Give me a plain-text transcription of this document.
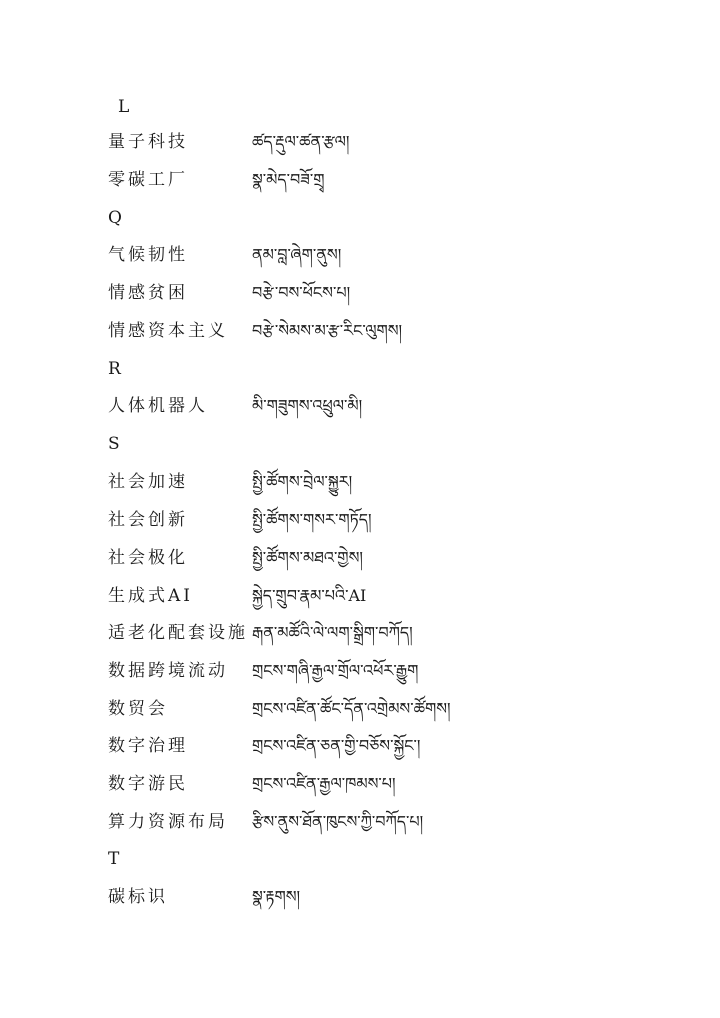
L
量子科技	ཚད་རྡུལ་ཚན་རྩལ།
零碳工厂	སྣ་མེད་བཟོ་གྲྭ
Q
气候韧性	ནམ་བླ་ཞེག་ནུས།
情感贫困	བརྩེ་བས་ཕོངས་པ།
情感资本主义 བརྩེ་སེམས་མ་རྩ་རིང་ལུགས།
R
人体机器人	མི་གཟུགས་འཕྲུལ་མི།
S
社会加速	སྤྱི་ཚོགས་བྲེལ་སྐྱུར།
社会创新	སྤྱི་ཚོགས་གསར་གཏོད།
社会极化	སྤྱི་ཚོགས་མཐའ་གྱེས།
生成式AI	སྐྱེད་གྲུབ་རྣམ་པའི་AI
适老化配套设施 རྒན་མཚོའི་ལེ་ལག་སྒྲིག་བཀོད།
数据跨境流动 གྲངས་གཞི་རྒྱལ་གྲོལ་འཕོར་རྒྱུག
数贸会	གྲངས་འཛིན་ཚོང་དོན་འགྲེམས་ཚོགས།
数字治理	གྲངས་འཛིན་ཅན་གྱི་བཅོས་སྐྱོང་།
数字游民	གྲངས་འཛིན་རྒྱལ་ཁམས་པ།
算力资源布局 རྩིས་ནུས་ཐོན་ཁུངས་ཀྱི་བཀོད་པ།
T
碳标识	སྣ་རྟགས།
